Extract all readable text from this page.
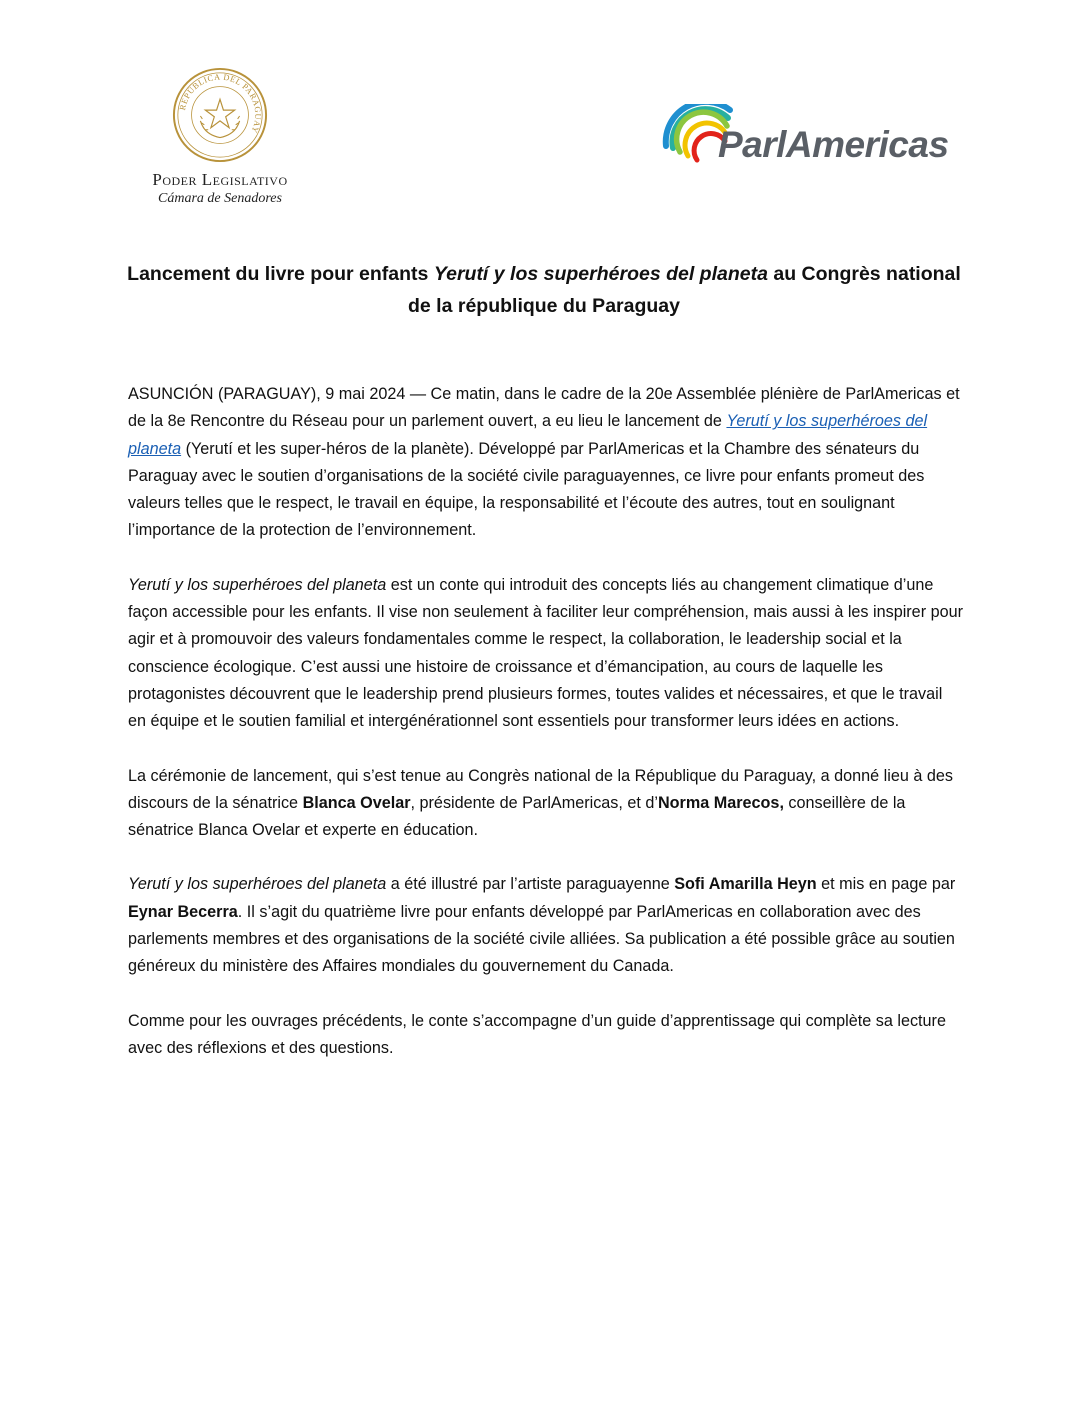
REPÚBLICA DEL PARAGUAY
Poder Legislativo
Cámara de Senadores
ParlAmericas
Lancement du livre pour enfants Yerutí y los superhéroes del planeta au Congrès national de la république du Paraguay

ASUNCIÓN (PARAGUAY), 9 mai 2024 — Ce matin, dans le cadre de la 20e Assemblée plénière de ParlAmericas et de la 8e Rencontre du Réseau pour un parlement ouvert, a eu lieu le lancement de Yerutí y los superhéroes del planeta (Yerutí et les super-héros de la planète). Développé par ParlAmericas et la Chambre des sénateurs du Paraguay avec le soutien d’organisations de la société civile paraguayennes, ce livre pour enfants promeut des valeurs telles que le respect, le travail en équipe, la responsabilité et l’écoute des autres, tout en soulignant l’importance de la protection de l’environnement.

Yerutí y los superhéroes del planeta est un conte qui introduit des concepts liés au changement climatique d’une façon accessible pour les enfants. Il vise non seulement à faciliter leur compréhension, mais aussi à les inspirer pour agir et à promouvoir des valeurs fondamentales comme le respect, la collaboration, le leadership social et la conscience écologique. C’est aussi une histoire de croissance et d’émancipation, au cours de laquelle les protagonistes découvrent que le leadership prend plusieurs formes, toutes valides et nécessaires, et que le travail en équipe et le soutien familial et intergénérationnel sont essentiels pour transformer leurs idées en actions.

La cérémonie de lancement, qui s’est tenue au Congrès national de la République du Paraguay, a donné lieu à des discours de la sénatrice Blanca Ovelar, présidente de ParlAmericas, et d’Norma Marecos, conseillère de la sénatrice Blanca Ovelar et experte en éducation.

Yerutí y los superhéroes del planeta a été illustré par l’artiste paraguayenne Sofi Amarilla Heyn et mis en page par Eynar Becerra. Il s’agit du quatrième livre pour enfants développé par ParlAmericas en collaboration avec des parlements membres et des organisations de la société civile alliées. Sa publication a été possible grâce au soutien généreux du ministère des Affaires mondiales du gouvernement du Canada.

Comme pour les ouvrages précédents, le conte s’accompagne d’un guide d’apprentissage qui complète sa lecture avec des réflexions et des questions.
